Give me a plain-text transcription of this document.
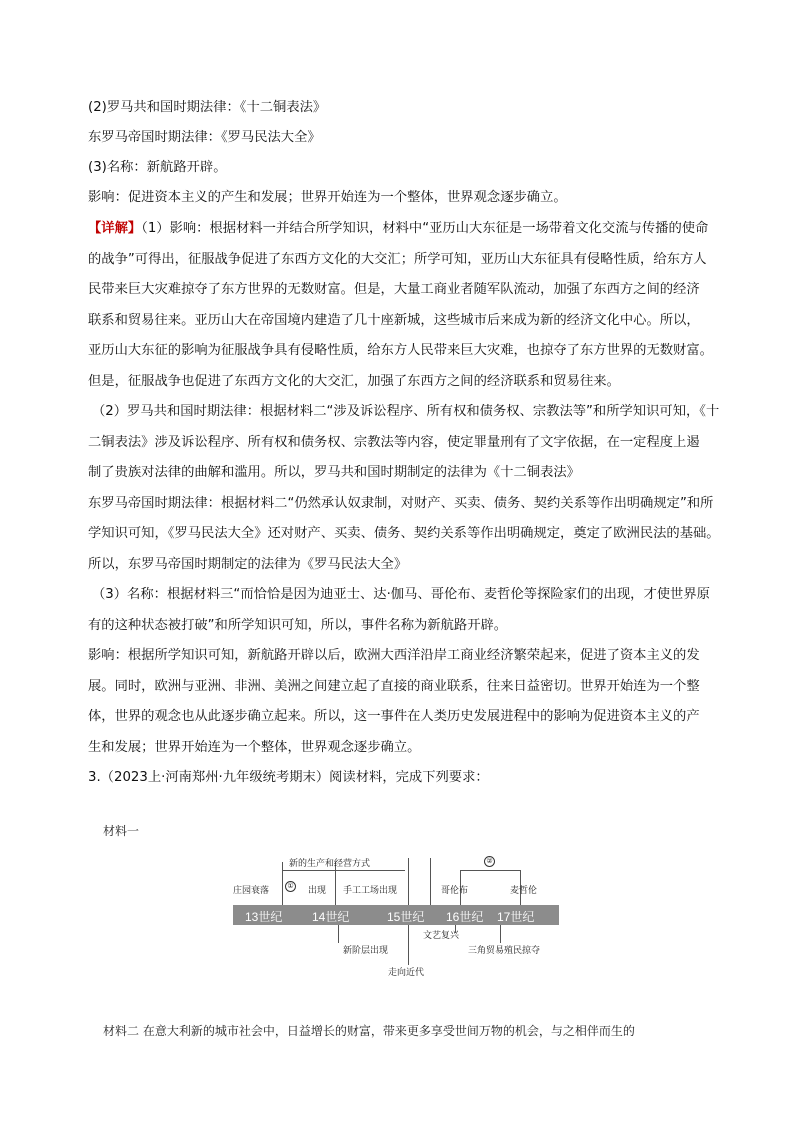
(2)罗马共和国时期法律：《十二铜表法》
东罗马帝国时期法律：《罗马民法大全》
(3)名称：新航路开辟。
影响：促进资本主义的产生和发展；世界开始连为一个整体，世界观念逐步确立。
【详解】（1）影响：根据材料一并结合所学知识，材料中“亚历山大东征是一场带着文化交流与传播的使命
的战争”可得出，征服战争促进了东西方文化的大交汇；所学可知，亚历山大东征具有侵略性质，给东方人
民带来巨大灾难掠夺了东方世界的无数财富。但是，大量工商业者随军队流动，加强了东西方之间的经济
联系和贸易往来。亚历山大在帝国境内建造了几十座新城，这些城市后来成为新的经济文化中心。所以，
亚历山大东征的影响为征服战争具有侵略性质，给东方人民带来巨大灾难，也掠夺了东方世界的无数财富。
但是，征服战争也促进了东西方文化的大交汇，加强了东西方之间的经济联系和贸易往来。
（2）罗马共和国时期法律：根据材料二“涉及诉讼程序、所有权和债务权、宗教法等”和所学知识可知，《十
二铜表法》涉及诉讼程序、所有权和债务权、宗教法等内容，使定罪量刑有了文字依据，在一定程度上遏
制了贵族对法律的曲解和滥用。所以，罗马共和国时期制定的法律为《十二铜表法》
东罗马帝国时期法律：根据材料二“仍然承认奴隶制，对财产、买卖、债务、契约关系等作出明确规定”和所
学知识可知，《罗马民法大全》还对财产、买卖、债务、契约关系等作出明确规定，奠定了欧洲民法的基础。
所以，东罗马帝国时期制定的法律为《罗马民法大全》
（3）名称：根据材料三“而恰恰是因为迪亚士、达·伽马、哥伦布、麦哲伦等探险家们的出现，才使世界原
有的这种状态被打破”和所学知识可知，所以，事件名称为新航路开辟。
影响：根据所学知识可知，新航路开辟以后，欧洲大西洋沿岸工商业经济繁荣起来，促进了资本主义的发
展。同时，欧洲与亚洲、非洲、美洲之间建立起了直接的商业联系，往来日益密切。世界开始连为一个整
体，世界的观念也从此逐步确立起来。所以，这一事件在人类历史发展进程中的影响为促进资本主义的产
生和发展；世界开始连为一个整体，世界观念逐步确立。
3.（2023上·河南郑州·九年级统考期末）阅读材料，完成下列要求：
材料一
新的生产和经营方式	②
庄园衰落	① 出现 手工工场出现	哥伦布	麦哲伦
13世纪 14世纪	15世纪 16世纪 17世纪
文艺复兴
新阶层出现	三角贸易殖民掠夺
走向近代
材料二 在意大利新的城市社会中，日益增长的财富，带来更多享受世间万物的机会，与之相伴而生的
